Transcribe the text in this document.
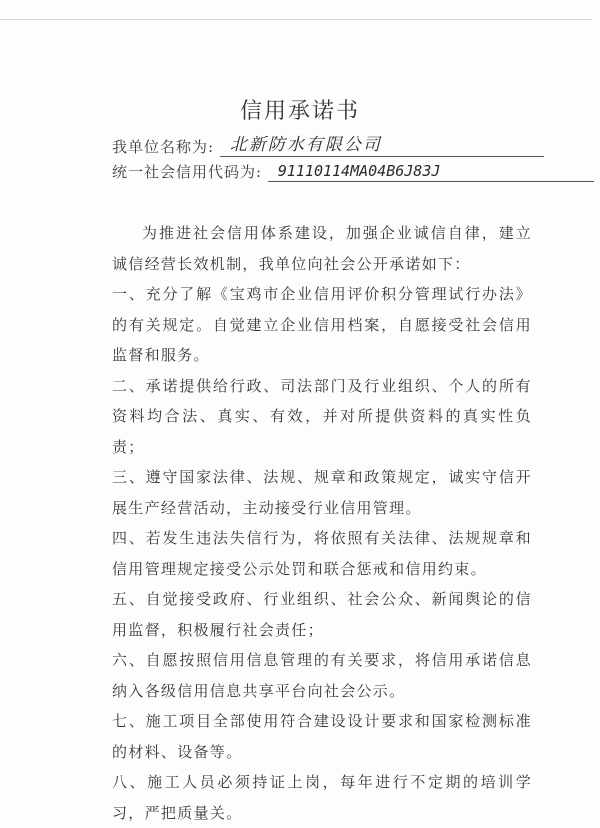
信用承诺书
我单位名称为: 北新防水有限公司
统一社会信用代码为: 91110114MA04B6J83J

为推进社会信用体系建设，加强企业诚信自律，建立诚信经营长效机制，我单位向社会公开承诺如下：

一、充分了解《宝鸡市企业信用评价积分管理试行办法》的有关规定。自觉建立企业信用档案，自愿接受社会信用监督和服务。

二、承诺提供给行政、司法部门及行业组织、个人的所有资料均合法、真实、有效，并对所提供资料的真实性负责；

三、遵守国家法律、法规、规章和政策规定，诚实守信开展生产经营活动，主动接受行业信用管理。

四、若发生违法失信行为，将依照有关法律、法规规章和信用管理规定接受公示处罚和联合惩戒和信用约束。

五、自觉接受政府、行业组织、社会公众、新闻舆论的信用监督，积极履行社会责任；

六、自愿按照信用信息管理的有关要求，将信用承诺信息纳入各级信用信息共享平台向社会公示。

七、施工项目全部使用符合建设设计要求和国家检测标准的材料、设备等。

八、施工人员必须持证上岗，每年进行不定期的培训学习，严把质量关。
